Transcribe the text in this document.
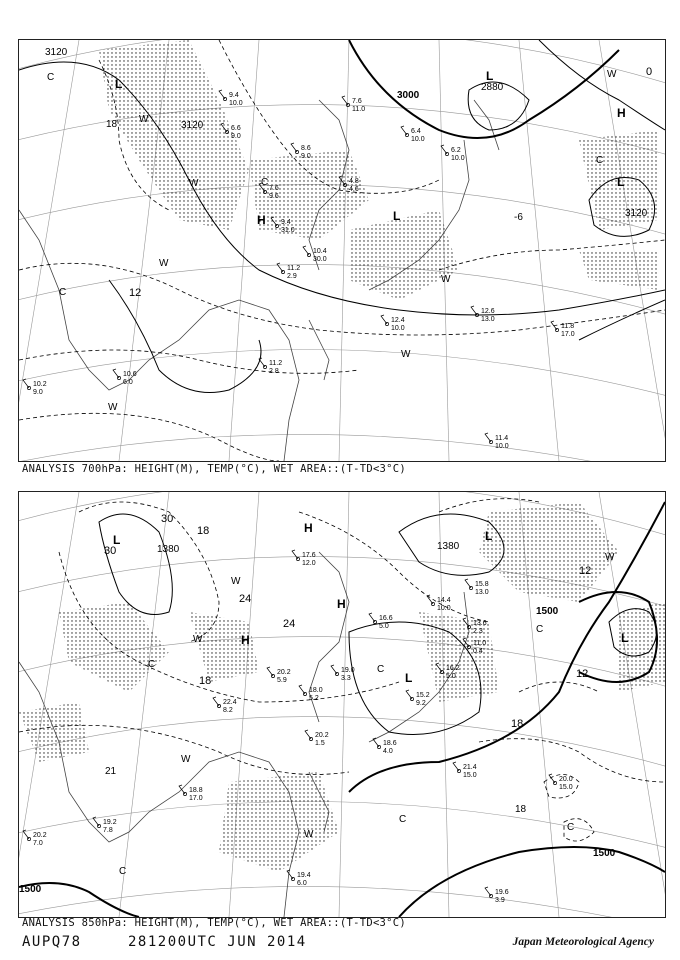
3120
3000
3120
2880
3120
12
0
18
-6
L
L
L
L
H
H
C
C
C
C
W
W
W
W
W
W
W
9.4
10.0
6.6
9.0
8.6
9.0
7.6
11.0
4.8
4.6
6.4
10.0
6.2
10.0
7.6
9.6
9.4
31.0
10.4
30.0
11.2
2.9
12.4
10.0
12.6
13.0
11.8
17.0
10.6
6.0
10.2
9.0
11.4
10.0
11.2
2.8
ANALYSIS 700hPa: HEIGHT(M), TEMP(°C), WET AREA::(T-TD<3°C)
1380	1380
1500
1500
1500
30
30
24
24
18
18
12
12
18
18
21
L	L
L
L
H
H
H
C	C
C
C
C
C
W
W
W
W
W
21.4
15.0
20.0
15.0
19.6
3.9
20.2
7.0
19.2
7.8
16.2
5.0
15.2
9.2
16.6
5.0
14.4
10.0
15.8
13.0
13.6
2.3
11.0
0.4
22.4
8.2
20.2
1.5
18.0
5.2
19.0
3.3
17.6
12.0
18.6
4.0
18.8
17.0
19.4
6.0
20.2
5.9
ANALYSIS 850hPa: HEIGHT(M), TEMP(°C), WET AREA::(T-TD<3°C)
AUPQ78	281200UTC JUN 2014	Japan Meteorological Agency
